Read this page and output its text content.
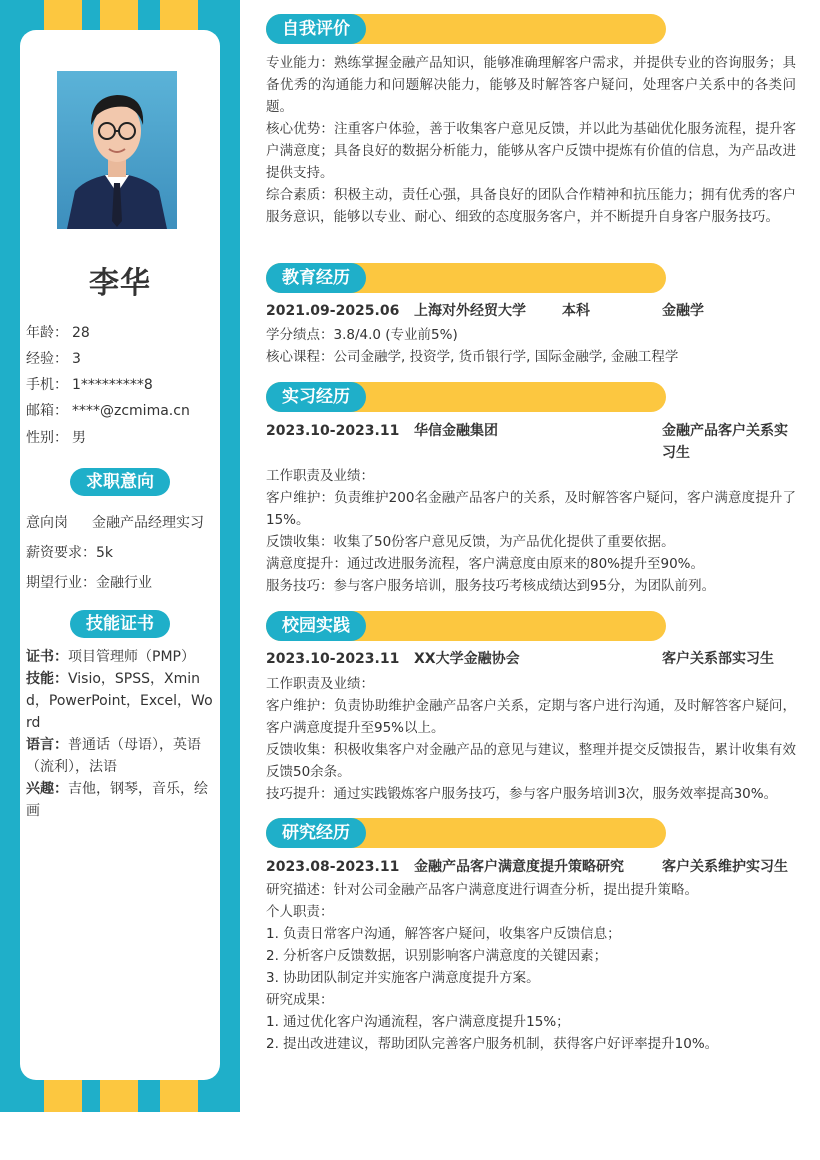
李华
年龄： 28
经验： 3
手机： 1*********8
邮箱： ****@zcmima.cn
性别： 男
求职意向
意向岗 金融产品经理实习
薪资要求：5k
期望行业：金融行业
技能证书
证书：项目管理师（PMP）
技能：Visio，SPSS，Xmind，PowerPoint，Excel，Word
语言：普通话（母语），英语（流利），法语
兴趣：吉他，钢琴，音乐，绘画
自我评价
专业能力：熟练掌握金融产品知识，能够准确理解客户需求，并提供专业的咨询服务；具备优秀的沟通能力和问题解决能力，能够及时解答客户疑问，处理客户关系中的各类问题。
核心优势：注重客户体验，善于收集客户意见反馈，并以此为基础优化服务流程，提升客户满意度；具备良好的数据分析能力，能够从客户反馈中提炼有价值的信息，为产品改进提供支持。
综合素质：积极主动，责任心强，具备良好的团队合作精神和抗压能力；拥有优秀的客户服务意识，能够以专业、耐心、细致的态度服务客户，并不断提升自身客户服务技巧。
教育经历
2021.09-2025.06 上海对外经贸大学	本科	金融学
学分绩点：3.8/4.0 (专业前5%)
核心课程：公司金融学, 投资学, 货币银行学, 国际金融学, 金融工程学
实习经历
2023.10-2023.11 华信金融集团	金融产品客户关系实习生
工作职责及业绩：
客户维护：负责维护200名金融产品客户的关系，及时解答客户疑问，客户满意度提升了15%。
反馈收集：收集了50份客户意见反馈，为产品优化提供了重要依据。
满意度提升：通过改进服务流程，客户满意度由原来的80%提升至90%。
服务技巧：参与客户服务培训，服务技巧考核成绩达到95分，为团队前列。
校园实践
2023.10-2023.11 XX大学金融协会	客户关系部实习生
工作职责及业绩：
客户维护：负责协助维护金融产品客户关系，定期与客户进行沟通，及时解答客户疑问，客户满意度提升至95%以上。
反馈收集：积极收集客户对金融产品的意见与建议，整理并提交反馈报告，累计收集有效反馈50余条。
技巧提升：通过实践锻炼客户服务技巧，参与客户服务培训3次，服务效率提高30%。
研究经历
2023.08-2023.11 金融产品客户满意度提升策略研究	客户关系维护实习生
研究描述：针对公司金融产品客户满意度进行调查分析，提出提升策略。
个人职责：
1. 负责日常客户沟通，解答客户疑问，收集客户反馈信息；
2. 分析客户反馈数据，识别影响客户满意度的关键因素；
3. 协助团队制定并实施客户满意度提升方案。
研究成果：
1. 通过优化客户沟通流程，客户满意度提升15%；
2. 提出改进建议，帮助团队完善客户服务机制，获得客户好评率提升10%。
